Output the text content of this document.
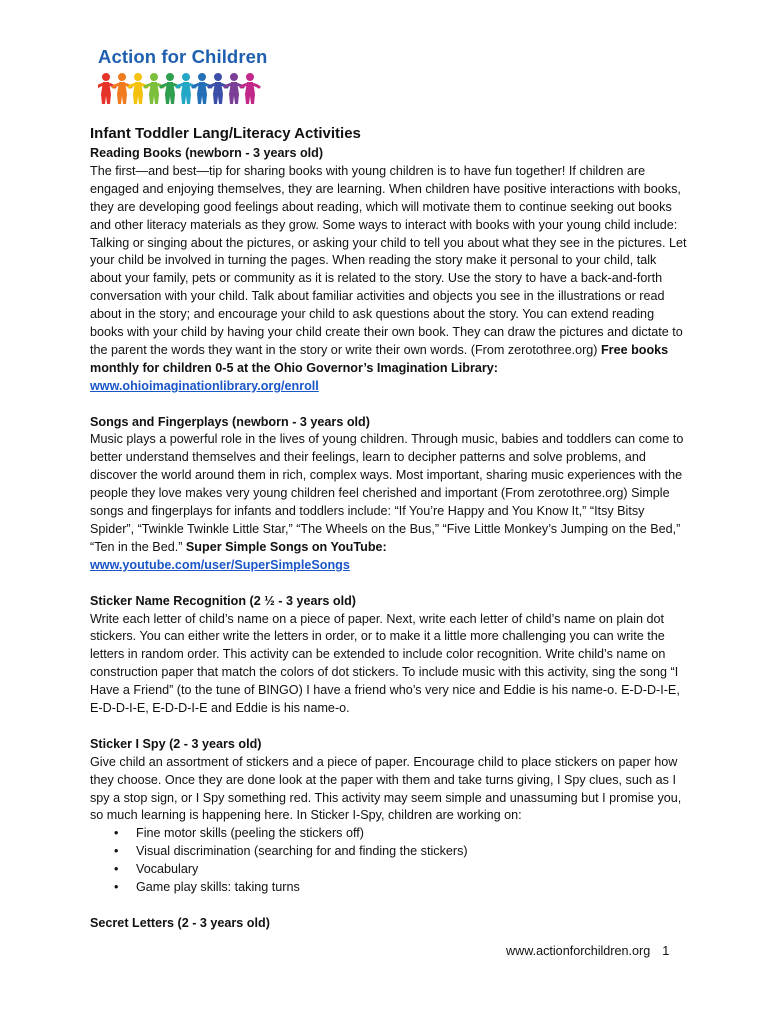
Action for Children
Infant Toddler Lang/Literacy Activities

Reading Books (newborn - 3 years old)

The first—and best—tip for sharing books with young children is to have fun together! If children are engaged and enjoying themselves, they are learning. When children have positive interactions with books, they are developing good feelings about reading, which will motivate them to continue seeking out books and other literacy materials as they grow. Some ways to interact with books with your young child include: Talking or singing about the pictures, or asking your child to tell you about what they see in the pictures. Let your child be involved in turning the pages. When reading the story make it personal to your child, talk about your family, pets or community as it is related to the story. Use the story to have a back-and-forth conversation with your child. Talk about familiar activities and objects you see in the illustrations or read about in the story; and encourage your child to ask questions about the story. You can extend reading books with your child by having your child create their own book. They can draw the pictures and dictate to the parent the words they want in the story or write their own words. (From zerotothree.org) Free books monthly for children 0-5 at the Ohio Governor’s Imagination Library:
www.ohioimaginationlibrary.org/enroll

Songs and Fingerplays (newborn - 3 years old)

Music plays a powerful role in the lives of young children. Through music, babies and toddlers can come to better understand themselves and their feelings, learn to decipher patterns and solve problems, and discover the world around them in rich, complex ways. Most important, sharing music experiences with the people they love makes very young children feel cherished and important (From zerotothree.org) Simple songs and fingerplays for infants and toddlers include: “If You’re Happy and You Know It,” “Itsy Bitsy Spider”, “Twinkle Twinkle Little Star,” “The Wheels on the Bus,” “Five Little Monkey’s Jumping on the Bed,” “Ten in the Bed.” Super Simple Songs on YouTube:
www.youtube.com/user/SuperSimpleSongs

Sticker Name Recognition (2 ½ - 3 years old)

Write each letter of child’s name on a piece of paper. Next, write each letter of child’s name on plain dot stickers. You can either write the letters in order, or to make it a little more challenging you can write the letters in random order. This activity can be extended to include color recognition. Write child’s name on construction paper that match the colors of dot stickers. To include music with this activity, sing the song “I Have a Friend” (to the tune of BINGO) I have a friend who’s very nice and Eddie is his name-o. E-D-D-I-E, E-D-D-I-E, E-D-D-I-E and Eddie is his name-o.

Sticker I Spy (2 - 3 years old)

Give child an assortment of stickers and a piece of paper. Encourage child to place stickers on paper how they choose. Once they are done look at the paper with them and take turns giving, I Spy clues, such as I spy a stop sign, or I Spy something red. This activity may seem simple and unassuming but I promise you, so much learning is happening here. In Sticker I-Spy, children are working on:

• Fine motor skills (peeling the stickers off)
• Visual discrimination (searching for and finding the stickers)
• Vocabulary
• Game play skills: taking turns

Secret Letters (2 - 3 years old)

www.actionforchildren.org 1
